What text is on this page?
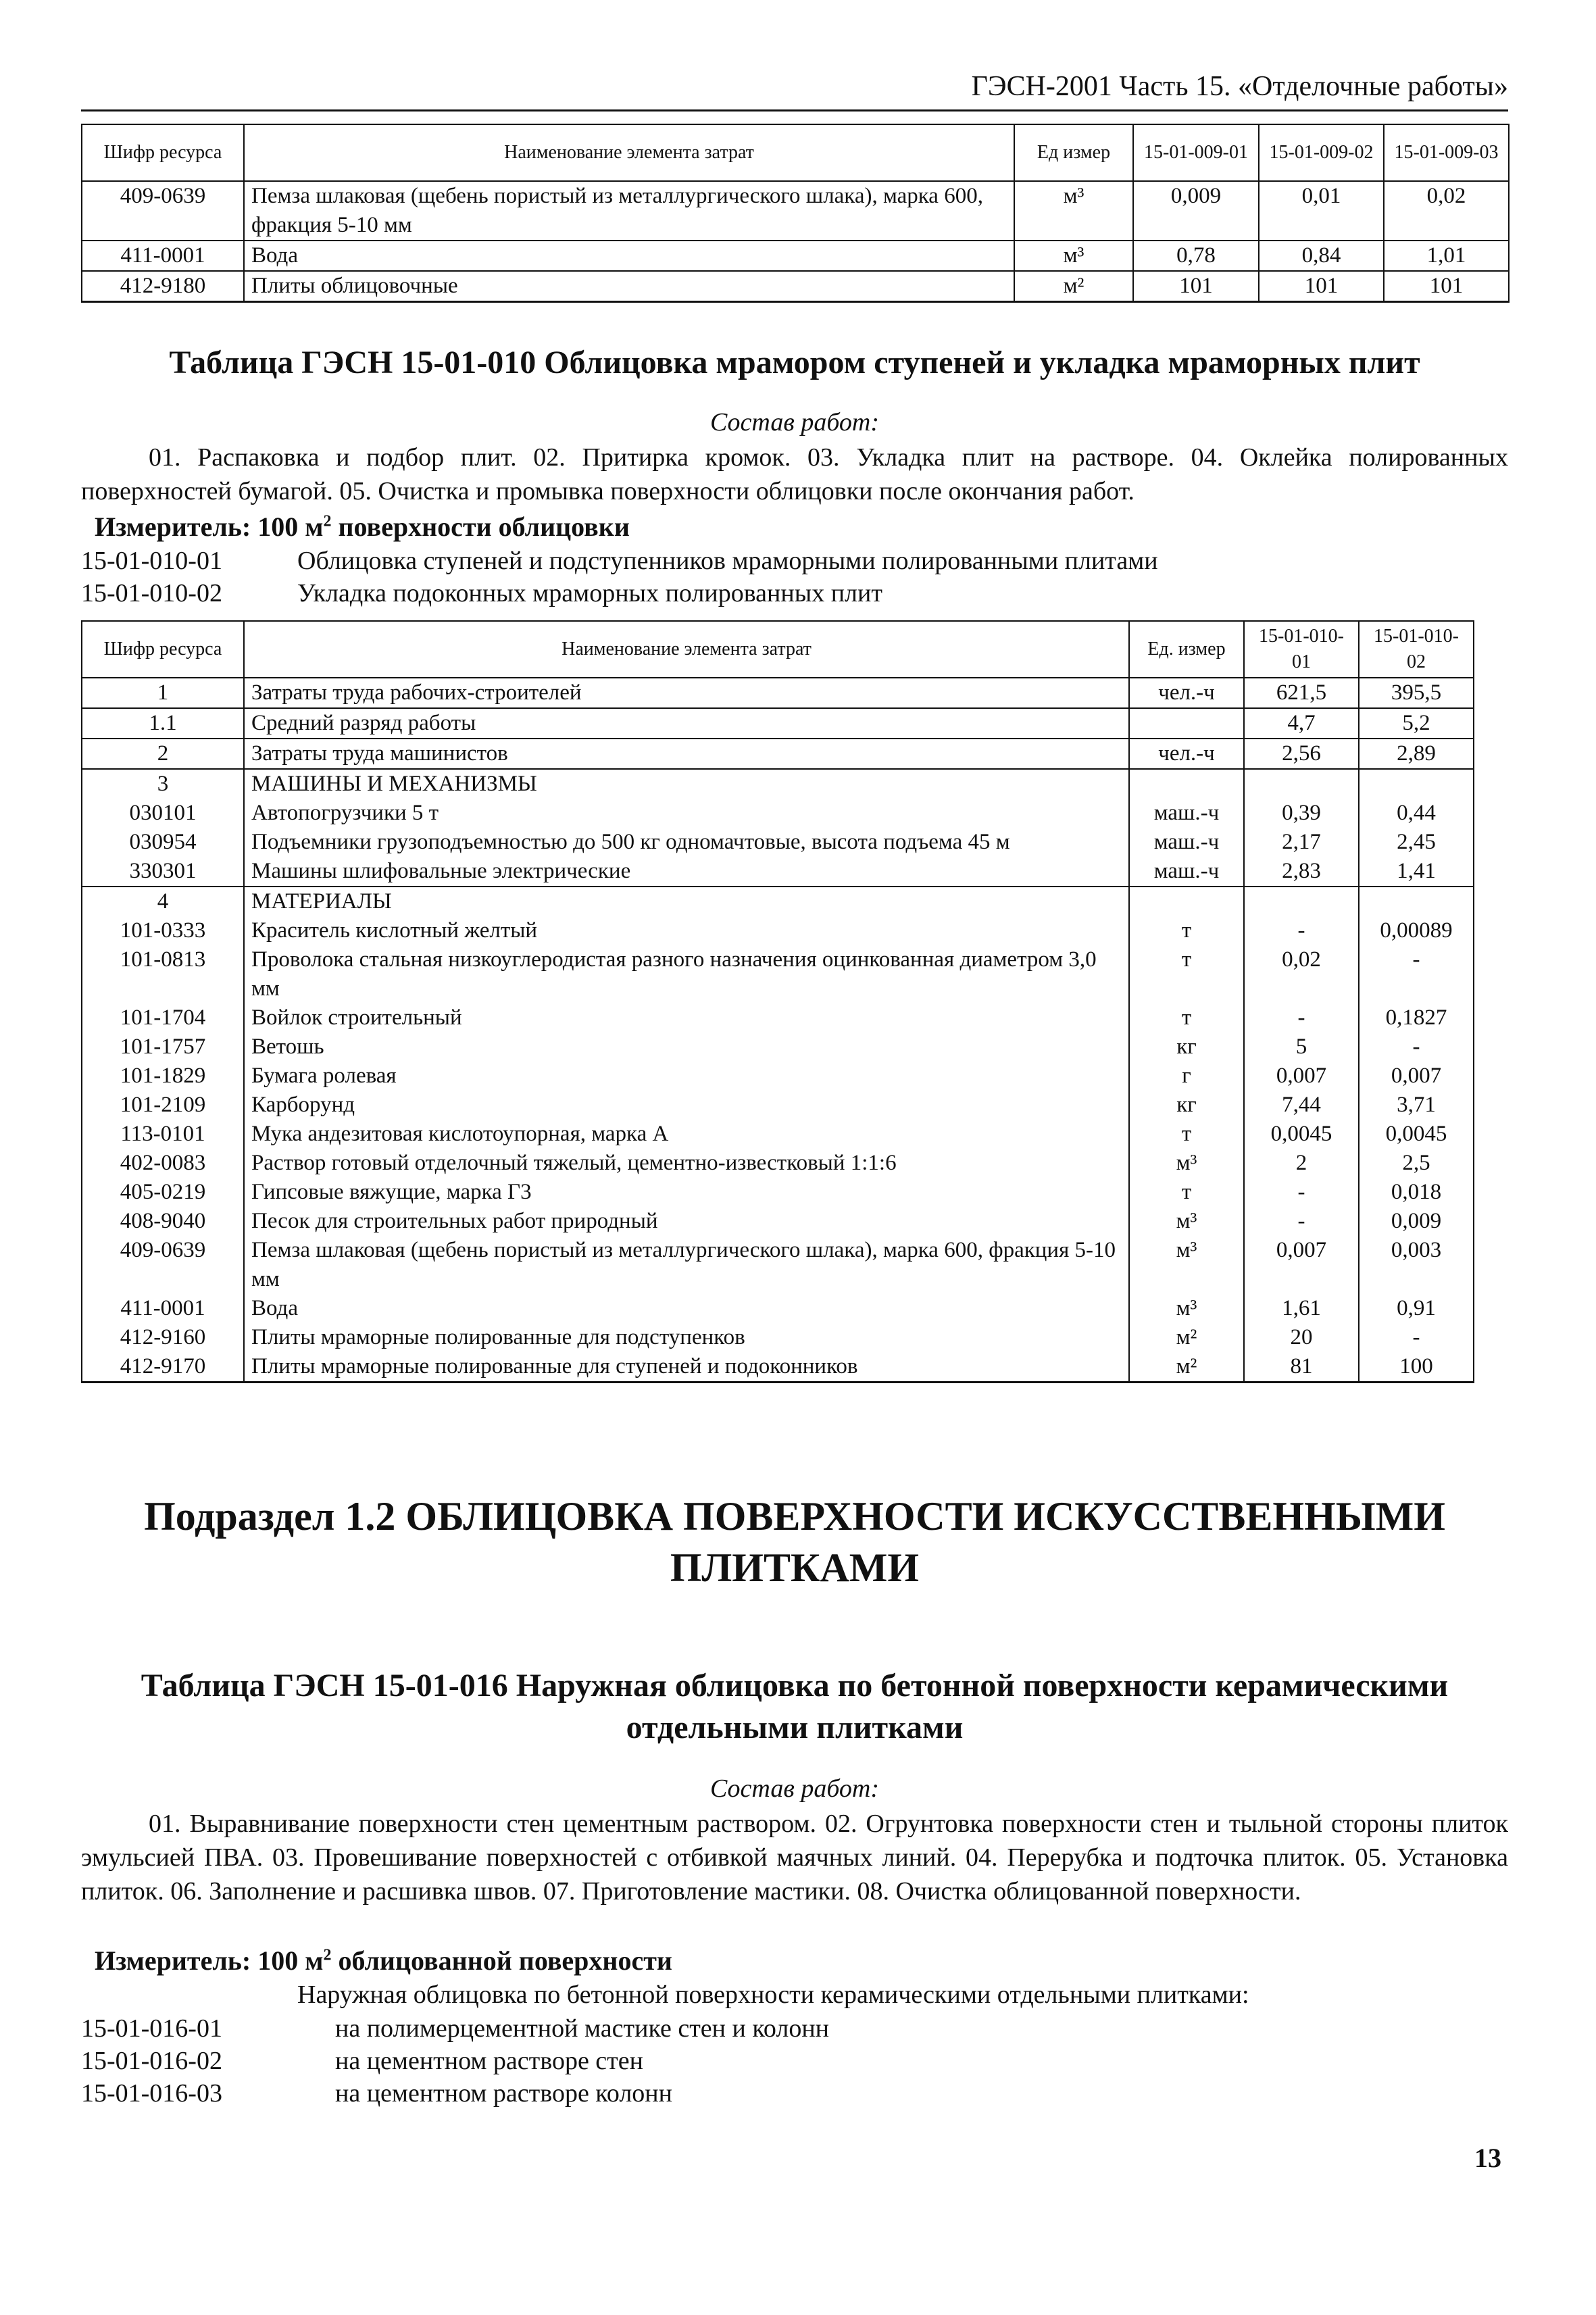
ГЭСН-2001 Часть 15. «Отделочные работы»
Шифр ресурса	Наименование элемента затрат	Ед измер	15-01-009-01	15-01-009-02	15-01-009-03
409-0639	Пемза шлаковая (щебень пористый из металлургического шлака), марка 600, фракция 5-10 мм	м³	0,009	0,01	0,02
411-0001	Вода	м³	0,78	0,84	1,01
412-9180	Плиты облицовочные	м²	101	101	101
Таблица ГЭСН 15-01-010 Облицовка мрамором ступеней и укладка мраморных плит
Состав работ:
01. Распаковка и подбор плит. 02. Притирка кромок. 03. Укладка плит на растворе. 04. Оклейка полированных поверхностей бумагой. 05. Очистка и промывка поверхности облицовки после окончания работ.
Измеритель: 100 $м^2$ поверхности облицовки
15-01-010-01	Облицовка ступеней и подступенников мраморными полированными плитами
15-01-010-02	Укладка подоконных мраморных полированных плит
Шифр ресурса	Наименование элемента затрат	Ед. измер	15-01-010-01	15-01-010-02
1	Затраты труда рабочих-строителей	чел.-ч	621,5	395,5
1.1	Средний разряд работы		4,7	5,2
2	Затраты труда машинистов	чел.-ч	2,56	2,89
3	МАШИНЫ И МЕХАНИЗМЫ			
030101	Автопогрузчики 5 т	маш.-ч	0,39	0,44
030954	Подъемники грузоподъемностью до 500 кг одномачтовые, высота подъема 45 м	маш.-ч	2,17	2,45
330301	Машины шлифовальные электрические	маш.-ч	2,83	1,41
4	МАТЕРИАЛЫ			
101-0333	Краситель кислотный желтый	т	-	0,00089
101-0813	Проволока стальная низкоуглеродистая разного назначения оцинкованная диаметром 3,0 мм	т	0,02	-
101-1704	Войлок строительный	т	-	0,1827
101-1757	Ветошь	кг	5	-
101-1829	Бумага ролевая	г	0,007	0,007
101-2109	Карборунд	кг	7,44	3,71
113-0101	Мука андезитовая кислотоупорная, марка А	т	0,0045	0,0045
402-0083	Раствор готовый отделочный тяжелый, цементно-известковый 1:1:6	м³	2	2,5
405-0219	Гипсовые вяжущие, марка Г3	т	-	0,018
408-9040	Песок для строительных работ природный	м³	-	0,009
409-0639	Пемза шлаковая (щебень пористый из металлургического шлака), марка 600, фракция 5-10 мм	м³	0,007	0,003
411-0001	Вода	м³	1,61	0,91
412-9160	Плиты мраморные полированные для подступенков	м²	20	-
412-9170	Плиты мраморные полированные для ступеней и подоконников	м²	81	100
Подраздел 1.2 ОБЛИЦОВКА ПОВЕРХНОСТИ ИСКУССТВЕННЫМИ
ПЛИТКАМИ
Таблица ГЭСН 15-01-016 Наружная облицовка по бетонной поверхности керамическими
отдельными плитками
Состав работ:
01. Выравнивание поверхности стен цементным раствором. 02. Огрунтовка поверхности стен и тыльной стороны плиток эмульсией ПВА. 03. Провешивание поверхностей с отбивкой маячных линий. 04. Перерубка и подточка плиток. 05. Установка плиток. 06. Заполнение и расшивка швов. 07. Приготовление мастики. 08. Очистка облицованной поверхности.
Измеритель: 100 $м^2$ облицованной поверхности
Наружная облицовка по бетонной поверхности керамическими отдельными плитками:
15-01-016-01	на полимерцементной мастике стен и колонн
15-01-016-02	на цементном растворе стен
15-01-016-03	на цементном растворе колонн
13
